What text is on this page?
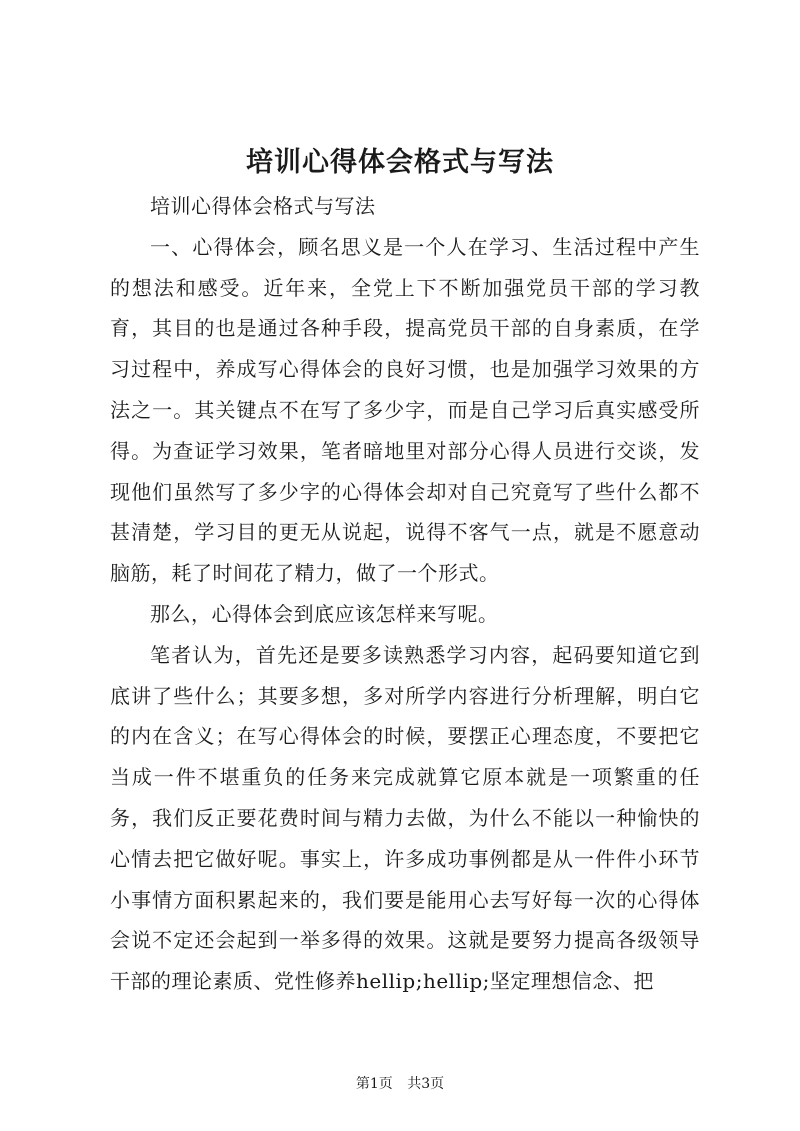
培训心得体会格式与写法

培训心得体会格式与写法

一、心得体会，顾名思义是一个人在学习、生活过程中产生的想法和感受。近年来，全党上下不断加强党员干部的学习教育，其目的也是通过各种手段，提高党员干部的自身素质，在学习过程中，养成写心得体会的良好习惯，也是加强学习效果的方法之一。其关键点不在写了多少字，而是自己学习后真实感受所得。为查证学习效果，笔者暗地里对部分心得人员进行交谈，发现他们虽然写了多少字的心得体会却对自己究竟写了些什么都不甚清楚，学习目的更无从说起，说得不客气一点，就是不愿意动脑筋，耗了时间花了精力，做了一个形式。

那么，心得体会到底应该怎样来写呢。

笔者认为，首先还是要多读熟悉学习内容，起码要知道它到底讲了些什么；其要多想，多对所学内容进行分析理解，明白它的内在含义；在写心得体会的时候，要摆正心理态度，不要把它当成一件不堪重负的任务来完成就算它原本就是一项繁重的任务，我们反正要花费时间与精力去做，为什么不能以一种愉快的心情去把它做好呢。事实上，许多成功事例都是从一件件小环节小事情方面积累起来的，我们要是能用心去写好每一次的心得体会说不定还会起到一举多得的效果。这就是要努力提高各级领导干部的理论素质、党性修养hellip;hellip;坚定理想信念、把

第1页 共3页
